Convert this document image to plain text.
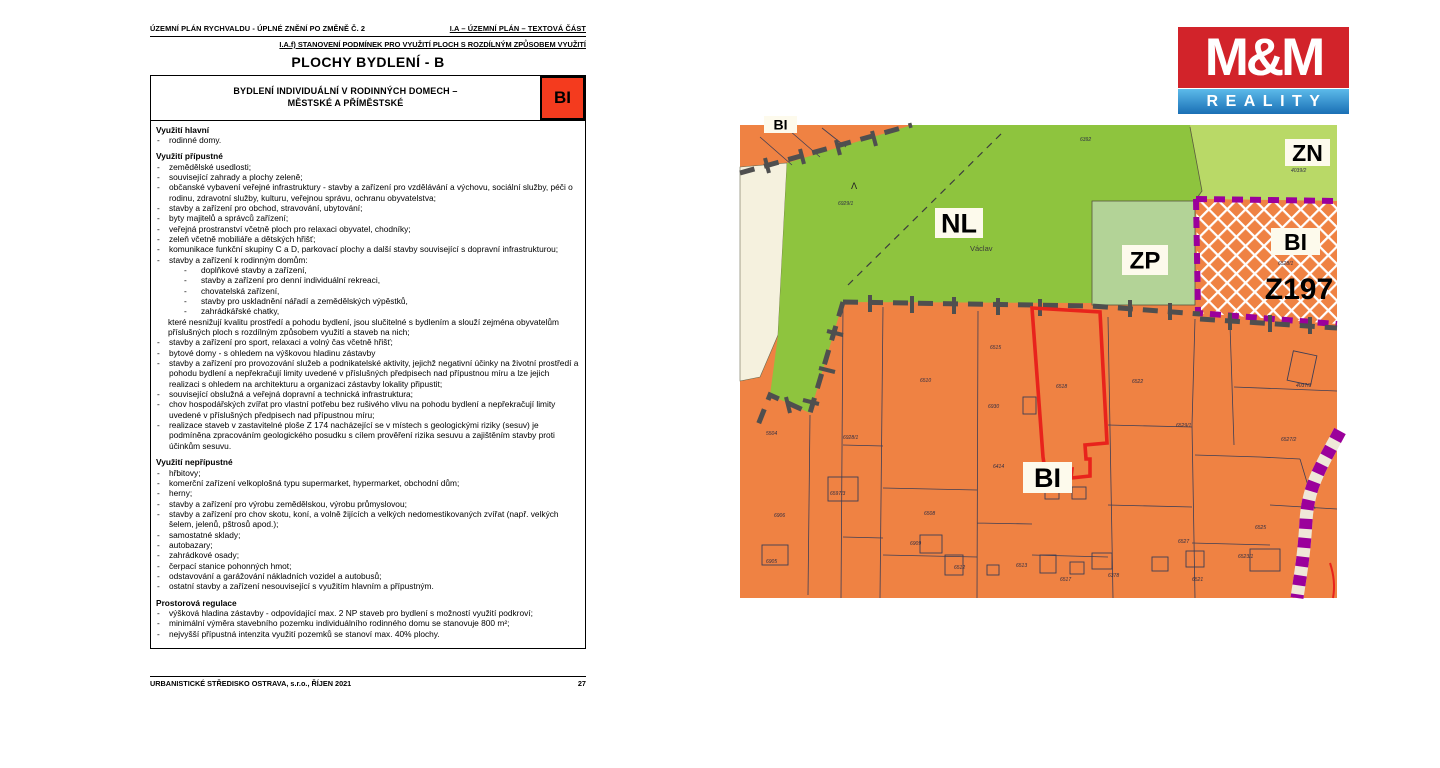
ÚZEMNÍ PLÁN RYCHVALDU - ÚPLNÉ ZNĚNÍ PO ZMĚNĚ Č. 2	I.A – ÚZEMNÍ PLÁN – TEXTOVÁ ČÁST
I.A.f) STANOVENÍ PODMÍNEK PRO VYUŽITÍ PLOCH S ROZDÍLNÝM ZPŮSOBEM VYUŽITÍ
PLOCHY BYDLENÍ - B
BYDLENÍ INDIVIDUÁLNÍ V RODINNÝCH DOMECH –
MĚSTSKÉ A PŘÍMĚSTSKÉ	BI
Využití hlavní
-	rodinné domy.
Využití přípustné
-	zemědělské usedlosti;
-	související zahrady a plochy zeleně;
-	občanské vybavení veřejné infrastruktury - stavby a zařízení pro vzdělávání a výchovu, sociální služby, péči o rodinu, zdravotní služby, kulturu, veřejnou správu, ochranu obyvatelstva;
-	stavby a zařízení pro obchod, stravování, ubytování;
-	byty majitelů a správců zařízení;
-	veřejná prostranství včetně ploch pro relaxaci obyvatel, chodníky;
-	zeleň včetně mobiliáře a dětských hřišť;
-	komunikace funkční skupiny C a D, parkovací plochy a další stavby související s dopravní infrastrukturou;
-	stavby a zařízení k rodinným domům:
-	doplňkové stavby a zařízení,
-	stavby a zařízení pro denní individuální rekreaci,
-	chovatelská zařízení,
-	stavby pro uskladnění nářadí a zemědělských výpěstků,
-	zahrádkářské chatky,
které nesnižují kvalitu prostředí a pohodu bydlení, jsou slučitelné s bydlením a slouží zejména obyvatelům příslušných ploch s rozdílným způsobem využití a staveb na nich;
-	stavby a zařízení pro sport, relaxaci a volný čas včetně hřišť;
-	bytové domy - s ohledem na výškovou hladinu zástavby
-	stavby a zařízení pro provozování služeb a podnikatelské aktivity, jejichž negativní účinky na životní prostředí a pohodu bydlení a nepřekračují limity uvedené v příslušných předpisech nad přípustnou míru a lze jejich realizaci s ohledem na architekturu a organizaci zástavby lokality připustit;
-	související obslužná a veřejná dopravní a technická infrastruktura;
-	chov hospodářských zvířat pro vlastní potřebu bez rušivého vlivu na pohodu bydlení a nepřekračují limity uvedené v příslušných předpisech nad přípustnou míru;
-	realizace staveb v zastavitelné ploše Z 174 nacházející se v místech s geologickými riziky (sesuv) je podmíněna zpracováním geologického posudku s cílem prověření rizika sesuvu a zajištěním stavby proti účinkům sesuvu.
Využití nepřípustné
-	hřbitovy;
-	komerční zařízení velkoplošná typu supermarket, hypermarket, obchodní dům;
-	herny;
-	stavby a zařízení pro výrobu zemědělskou, výrobu průmyslovou;
-	stavby a zařízení pro chov skotu, koní, a volně žijících a velkých nedomestikovaných zvířat (např. velkých šelem, jelenů, pštrosů apod.);
-	samostatné sklady;
-	autobazary;
-	zahrádkové osady;
-	čerpací stanice pohonných hmot;
-	odstavování a garážování nákladních vozidel a autobusů;
-	ostatní stavby a zařízení nesouvisející s využitím hlavním a přípustným.
Prostorová regulace
-	výšková hladina zástavby - odpovídající max. 2 NP staveb pro bydlení s možností využití podkroví;
-	minimální výměra stavebního pozemku individuálního rodinného domu se stanovuje 800 m²;
-	nejvyšší přípustná intenzita využití pozemků se stanoví max. 40% plochy.
URBANISTICKÉ STŘEDISKO OSTRAVA, s.r.o., ŘÍJEN 2021	27
M&M
REALITY
6929/1
6392
4039/2
6528/1
6518
6522
6515
6930
6414
5504
6928/1
6510
6597/3
6906
6905
6508
6909
6512	6513
6517
6378
6527
6521
4037/3
6527/2
6529/1
6525
6523/1
Václav
Λ
BI
NL
ZP
ZN
BI
Z197
BI
